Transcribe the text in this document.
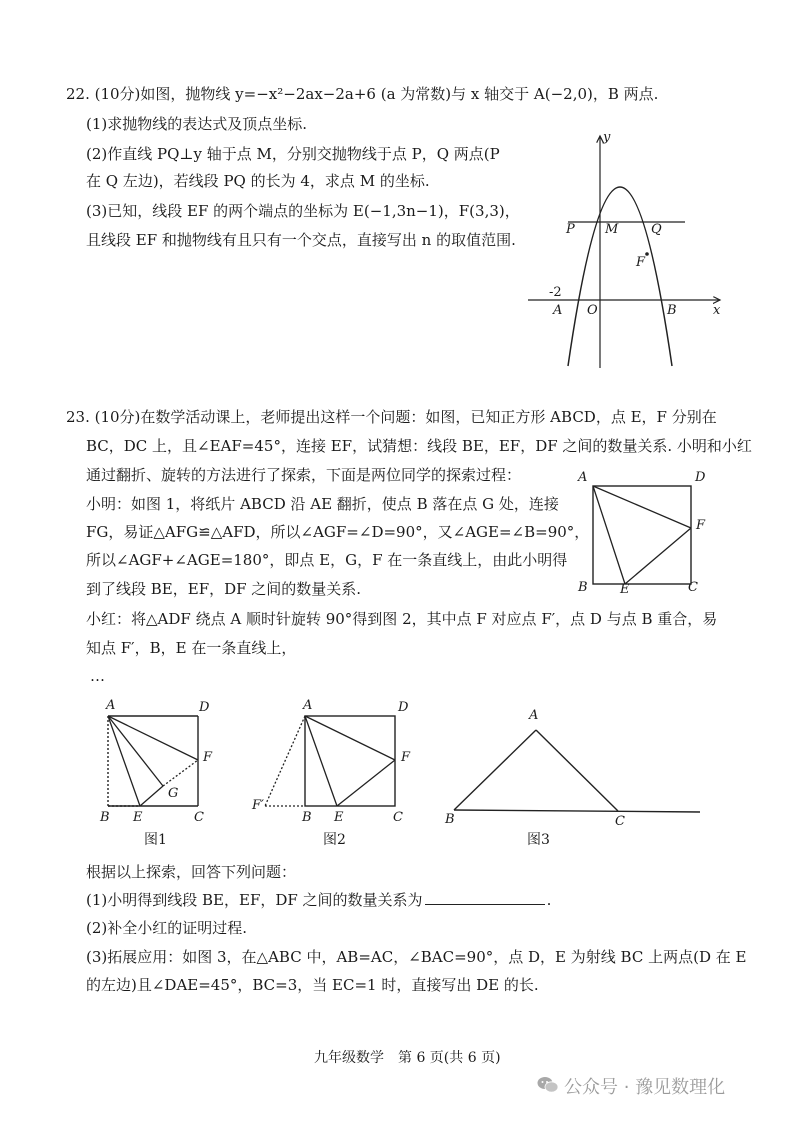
22. (10分)如图，抛物线 y=−x²−2ax−2a+6 (a 为常数)与 x 轴交于 A(−2,0)，B 两点.
(1)求抛物线的表达式及顶点坐标.
(2)作直线 PQ⊥y 轴于点 M，分别交抛物线于点 P，Q 两点(P
在 Q 左边)，若线段 PQ 的长为 4，求点 M 的坐标.
(3)已知，线段 EF 的两个端点的坐标为 E(−1,3n−1)，F(3,3)，
且线段 EF 和抛物线有且只有一个交点，直接写出 n 的取值范围.
y
x
P M	Q
F
-2
A O	B
23. (10分)在数学活动课上，老师提出这样一个问题：如图，已知正方形 ABCD，点 E，F 分别在
BC，DC 上，且∠EAF=45°，连接 EF，试猜想：线段 BE，EF，DF 之间的数量关系. 小明和小红
通过翻折、旋转的方法进行了探索，下面是两位同学的探索过程：
小明：如图 1，将纸片 ABCD 沿 AE 翻折，使点 B 落在点 G 处，连接
FG，易证△AFG≌△AFD，所以∠AGF=∠D=90°，又∠AGE=∠B=90°，
所以∠AGF+∠AGE=180°，即点 E，G，F 在一条直线上，由此小明得
到了线段 BE，EF，DF 之间的数量关系.
小红：将△ADF 绕点 A 顺时针旋转 90°得到图 2，其中点 F 对应点 F′，点 D 与点 B 重合，易
知点 F′，B，E 在一条直线上，
…
A	D
F
B E	C
A	D
F
G
B E	C
图1
A	D
F
F′
B E	C
图2
A
B	C
图3
根据以上探索，回答下列问题：
(1)小明得到线段 BE，EF，DF 之间的数量关系为	.
(2)补全小红的证明过程.
(3)拓展应用：如图 3，在△ABC 中，AB=AC，∠BAC=90°，点 D，E 为射线 BC 上两点(D 在 E
的左边)且∠DAE=45°，BC=3，当 EC=1 时，直接写出 DE 的长.
九年级数学　第 6 页(共 6 页)
公众号 · 豫见数理化
